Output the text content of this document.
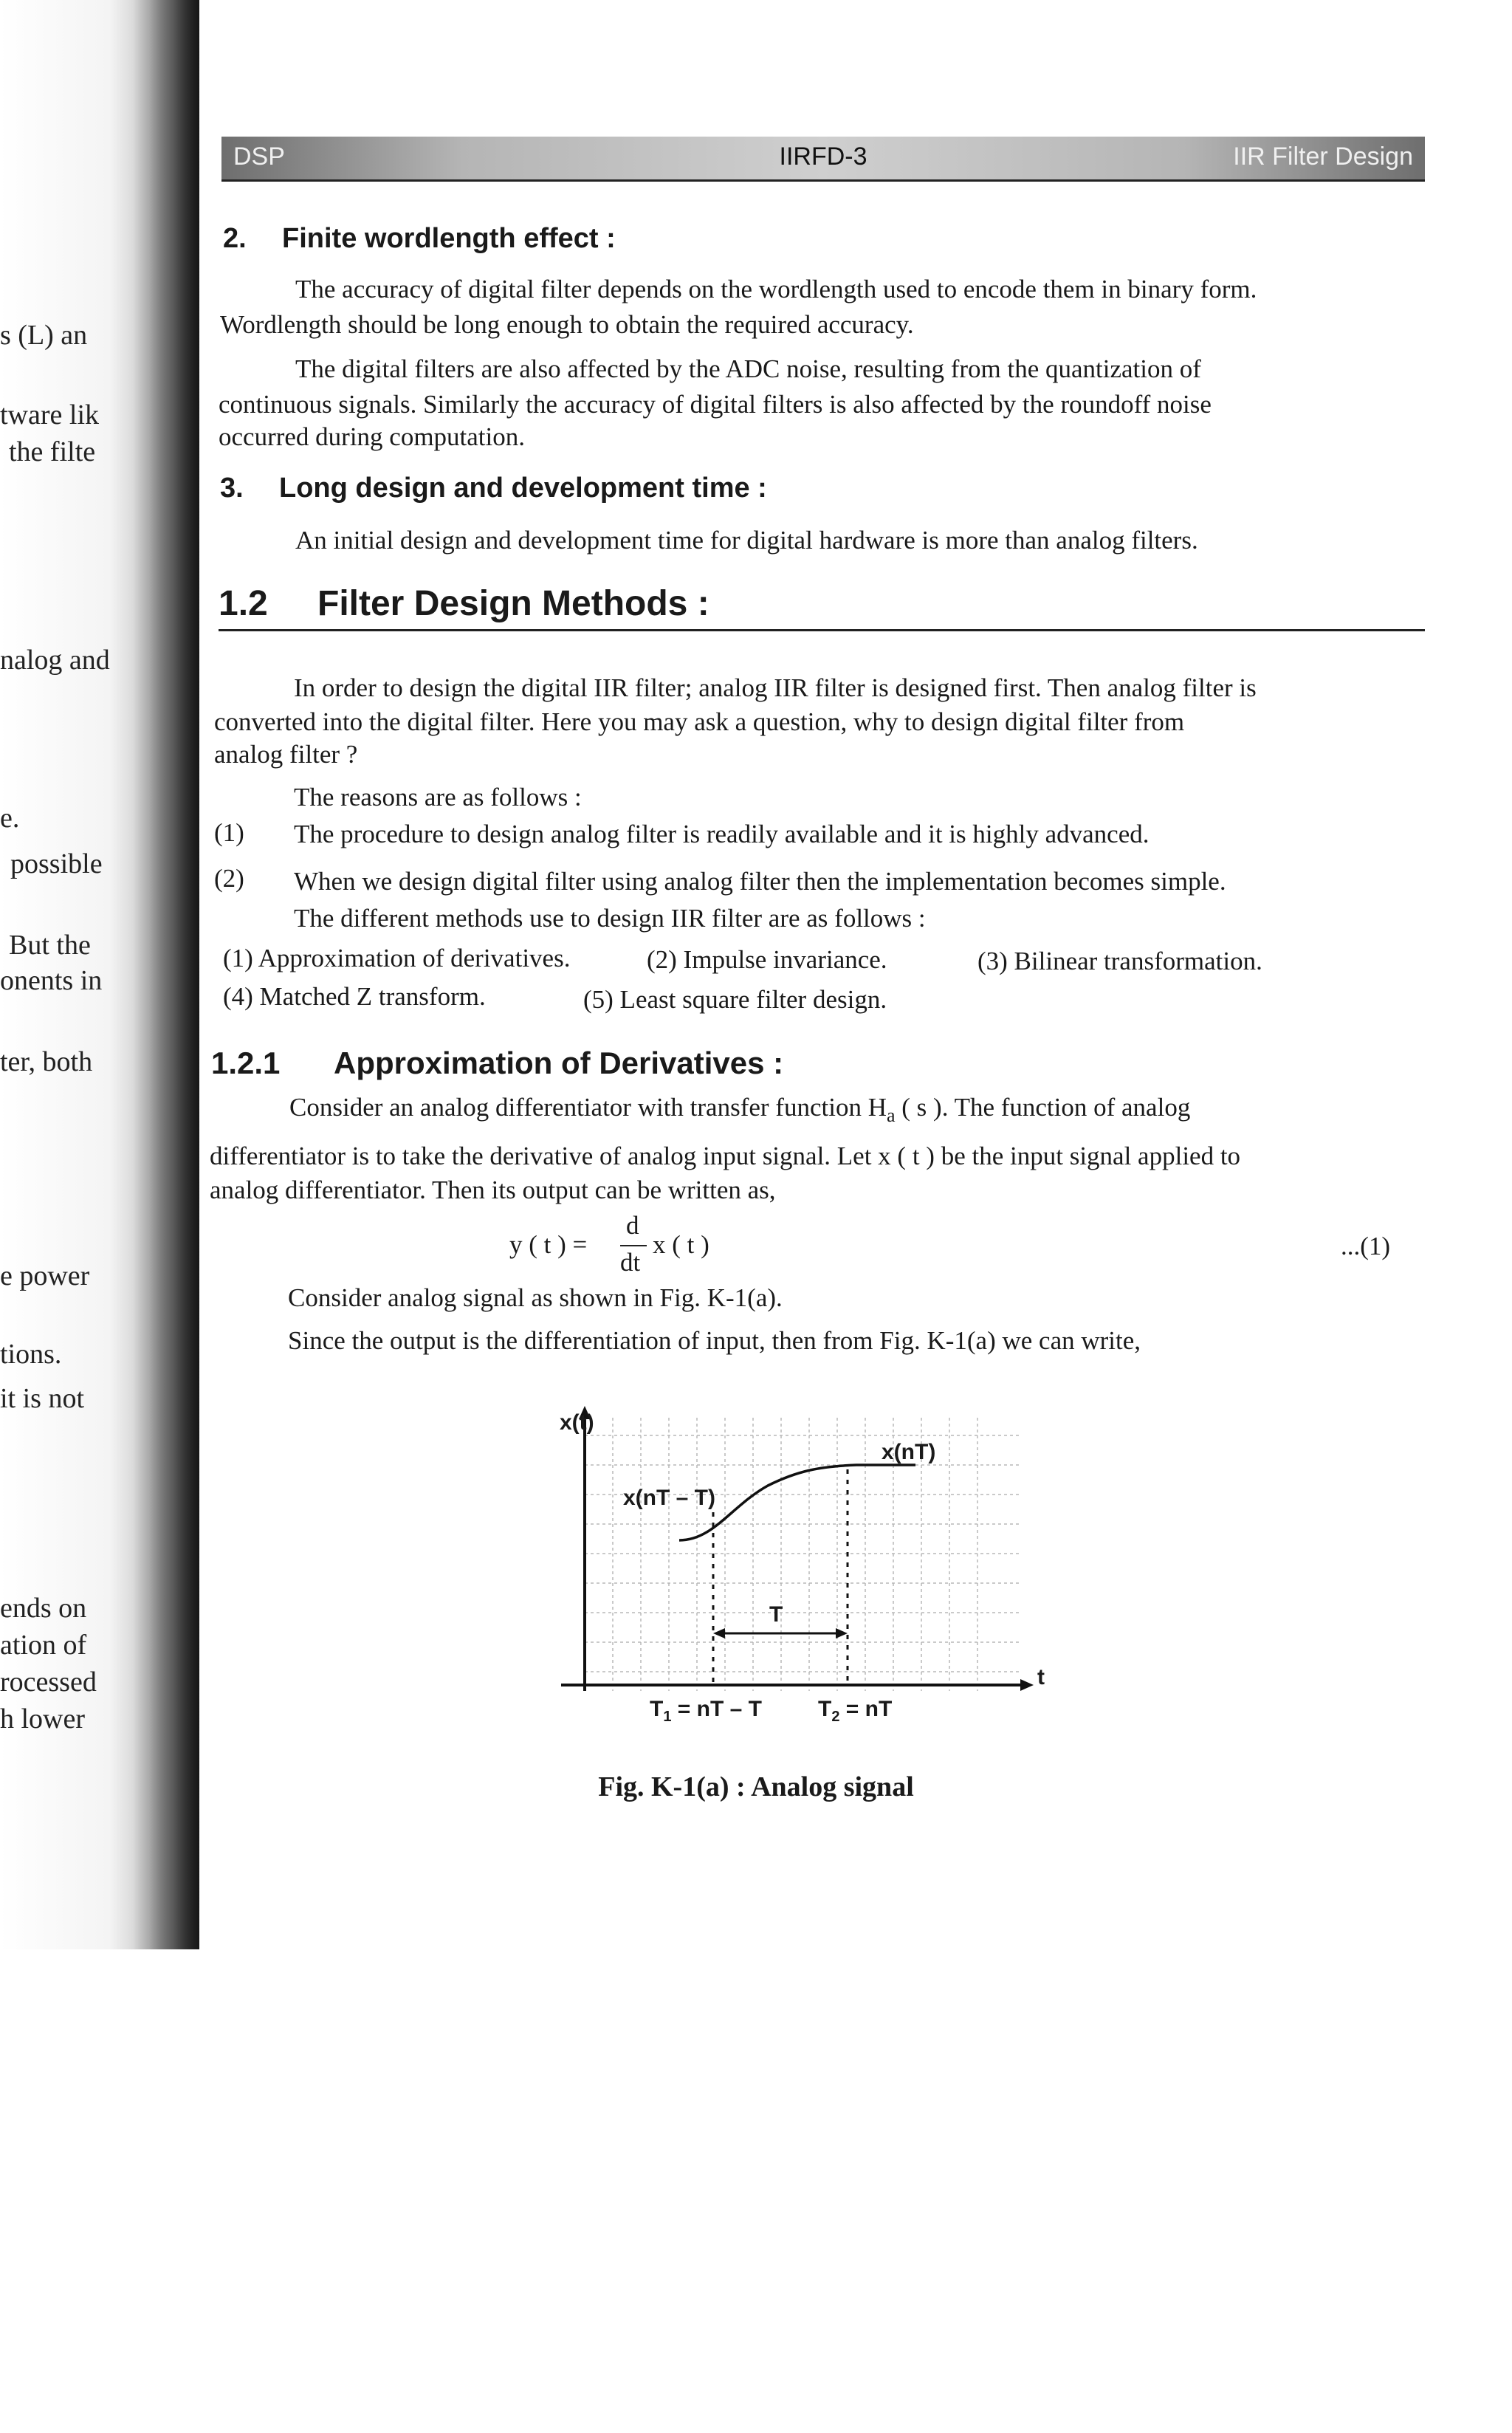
s (L) an
tware lik
the filte
nalog and
e.
possible
But the
onents in
ter, both
e power
tions.
it is not
ends on
ation of
rocessed
h lower
DSP	IIRFD-3	IIR Filter Design
2. Finite wordlength effect :
The accuracy of digital filter depends on the wordlength used to encode them in binary form.
Wordlength should be long enough to obtain the required accuracy.
The digital filters are also affected by the ADC noise, resulting from the quantization of
continuous signals. Similarly the accuracy of digital filters is also affected by the roundoff noise
occurred during computation.
3. Long design and development time :
An initial design and development time for digital hardware is more than analog filters.
1.2 Filter Design Methods :
In order to design the digital IIR filter; analog IIR filter is designed first. Then analog filter is
converted into the digital filter. Here you may ask a question, why to design digital filter from
analog filter ?
The reasons are as follows :
(1) The procedure to design analog filter is readily available and it is highly advanced.
(2) When we design digital filter using analog filter then the implementation becomes simple.
The different methods use to design IIR filter are as follows :
(1) Approximation of derivatives.	(2) Impulse invariance.	(3) Bilinear transformation.
(4) Matched Z transform.	(5) Least square filter design.
1.2.1 Approximation of Derivatives :
Consider an analog differentiator with transfer function $H_a$ ( s ). The function of analog
differentiator is to take the derivative of analog input signal. Let x ( t ) be the input signal applied to
analog differentiator. Then its output can be written as,
y ( t ) =
d
dt
x ( t )	...(1)
Consider analog signal as shown in Fig. K-1(a).
Since the output is the differentiation of input, then from Fig. K-1(a) we can write,
x(t)
t
x(nT)
x(nT – T)
T
$T_1$ = nT – T	$T_2$ = nT
Fig. K-1(a) : Analog signal
